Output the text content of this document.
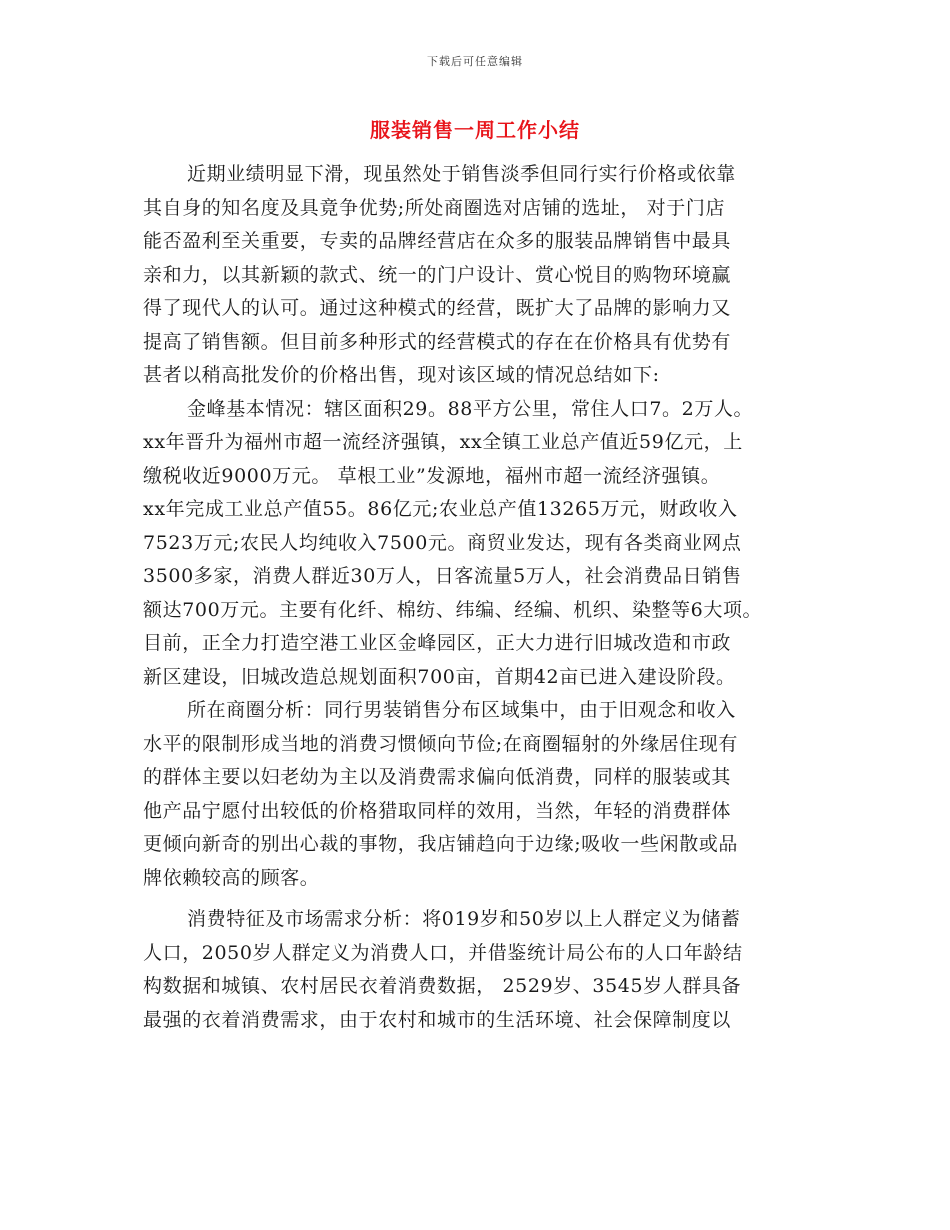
下载后可任意编辑
服装销售一周工作小结
近期业绩明显下滑，现虽然处于销售淡季但同行实行价格或依靠
其自身的知名度及具竟争优势;所处商圈选对店铺的选址， 对于门店
能否盈利至关重要，专卖的品牌经营店在众多的服装品牌销售中最具
亲和力，以其新颖的款式、统一的门户设计、赏心悦目的购物环境赢
得了现代人的认可。通过这种模式的经营，既扩大了品牌的影响力又
提高了销售额。但目前多种形式的经营模式的存在在价格具有优势有
甚者以稍高批发价的价格出售，现对该区域的情况总结如下:
金峰基本情况：辖区面积29。88平方公里，常住人口7。2万人。
xx年晋升为福州市超一流经济强镇，xx全镇工业总产值近59亿元，上
缴税收近9000万元。 草根工业”发源地，福州市超一流经济强镇。
xx年完成工业总产值55。86亿元;农业总产值13265万元，财政收入
7523万元;农民人均纯收入7500元。商贸业发达，现有各类商业网点
3500多家，消费人群近30万人，日客流量5万人，社会消费品日销售
额达700万元。主要有化纤、棉纺、纬编、经编、机织、染整等6大项。
目前，正全力打造空港工业区金峰园区，正大力进行旧城改造和市政
新区建设，旧城改造总规划面积700亩，首期42亩已进入建设阶段。
所在商圈分析：同行男装销售分布区域集中，由于旧观念和收入
水平的限制形成当地的消费习惯倾向节俭;在商圈辐射的外缘居住现有
的群体主要以妇老幼为主以及消费需求偏向低消费，同样的服装或其
他产品宁愿付出较低的价格猎取同样的效用，当然，年轻的消费群体
更倾向新奇的别出心裁的事物，我店铺趋向于边缘;吸收一些闲散或品
牌依赖较高的顾客。
消费特征及市场需求分析：将019岁和50岁以上人群定义为储蓄
人口，2050岁人群定义为消费人口，并借鉴统计局公布的人口年龄结
构数据和城镇、农村居民衣着消费数据， 2529岁、3545岁人群具备
最强的衣着消费需求，由于农村和城市的生活环境、社会保障制度以
